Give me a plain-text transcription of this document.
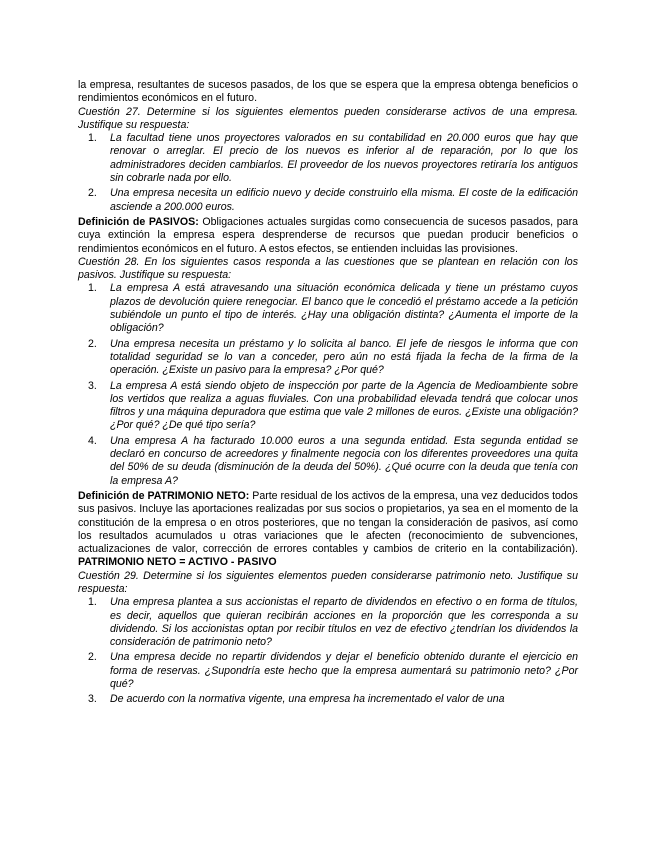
la empresa, resultantes de sucesos pasados, de los que se espera que la empresa obtenga beneficios o rendimientos económicos en el futuro.

Cuestión 27. Determine si los siguientes elementos pueden considerarse activos de una empresa. Justifique su respuesta:

1. La facultad tiene unos proyectores valorados en su contabilidad en 20.000 euros que hay que renovar o arreglar. El precio de los nuevos es inferior al de reparación, por lo que los administradores deciden cambiarlos. El proveedor de los nuevos proyectores retiraría los antiguos sin cobrarle nada por ello.
2. Una empresa necesita un edificio nuevo y decide construirlo ella misma. El coste de la edificación asciende a 200.000 euros.

Definición de PASIVOS: Obligaciones actuales surgidas como consecuencia de sucesos pasados, para cuya extinción la empresa espera desprenderse de recursos que puedan producir beneficios o rendimientos económicos en el futuro. A estos efectos, se entienden incluidas las provisiones.

Cuestión 28. En los siguientes casos responda a las cuestiones que se plantean en relación con los pasivos. Justifique su respuesta:

1. La empresa A está atravesando una situación económica delicada y tiene un préstamo cuyos plazos de devolución quiere renegociar. El banco que le concedió el préstamo accede a la petición subiéndole un punto el tipo de interés. ¿Hay una obligación distinta? ¿Aumenta el importe de la obligación?
2. Una empresa necesita un préstamo y lo solicita al banco. El jefe de riesgos le informa que con totalidad seguridad se lo van a conceder, pero aún no está fijada la fecha de la firma de la operación. ¿Existe un pasivo para la empresa? ¿Por qué?
3. La empresa A está siendo objeto de inspección por parte de la Agencia de Medioambiente sobre los vertidos que realiza a aguas fluviales. Con una probabilidad elevada tendrá que colocar unos filtros y una máquina depuradora que estima que vale 2 millones de euros. ¿Existe una obligación? ¿Por qué? ¿De qué tipo sería?
4. Una empresa A ha facturado 10.000 euros a una segunda entidad. Esta segunda entidad se declaró en concurso de acreedores y finalmente negocia con los diferentes proveedores una quita del 50% de su deuda (disminución de la deuda del 50%). ¿Qué ocurre con la deuda que tenía con la empresa A?

Definición de PATRIMONIO NETO: Parte residual de los activos de la empresa, una vez deducidos todos sus pasivos. Incluye las aportaciones realizadas por sus socios o propietarios, ya sea en el momento de la constitución de la empresa o en otros posteriores, que no tengan la consideración de pasivos, así como los resultados acumulados u otras variaciones que le afecten (reconocimiento de subvenciones, actualizaciones de valor, corrección de errores contables y cambios de criterio en la contabilización). PATRIMONIO NETO = ACTIVO - PASIVO

Cuestión 29. Determine si los siguientes elementos pueden considerarse patrimonio neto. Justifique su respuesta:

1. Una empresa plantea a sus accionistas el reparto de dividendos en efectivo o en forma de títulos, es decir, aquellos que quieran recibirán acciones en la proporción que les corresponda a su dividendo. Si los accionistas optan por recibir títulos en vez de efectivo ¿tendrían los dividendos la consideración de patrimonio neto?
2. Una empresa decide no repartir dividendos y dejar el beneficio obtenido durante el ejercicio en forma de reservas. ¿Supondría este hecho que la empresa aumentará su patrimonio neto? ¿Por qué?
3. De acuerdo con la normativa vigente, una empresa ha incrementado el valor de una
